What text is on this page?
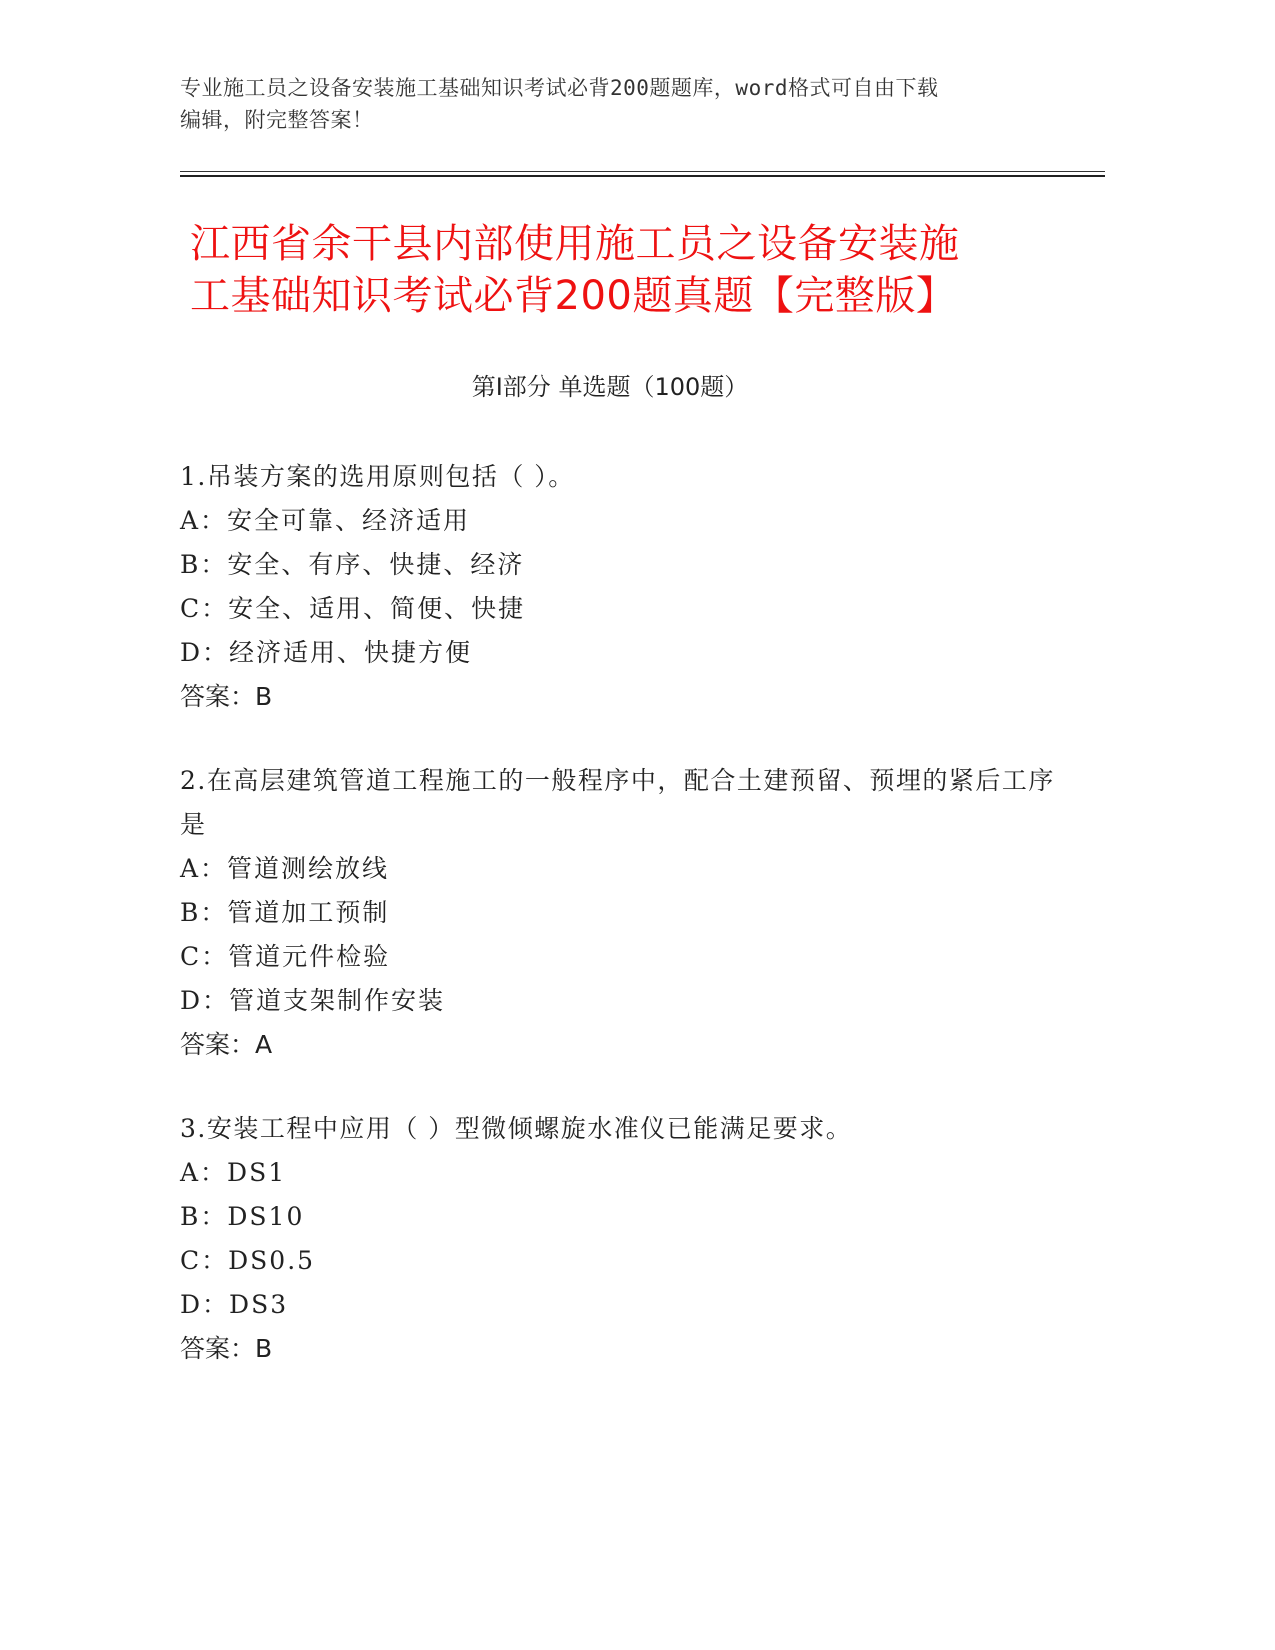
专业施工员之设备安装施工基础知识考试必背200题题库，word格式可自由下载
编辑，附完整答案！
江西省余干县内部使用施工员之设备安装施
工基础知识考试必背200题真题【完整版】
第Ⅰ部分 单选题（100题）
1.吊装方案的选用原则包括（ ）。
A：安全可靠、经济适用
B：安全、有序、快捷、经济
C：安全、适用、简便、快捷
D：经济适用、快捷方便
答案：B
2.在高层建筑管道工程施工的一般程序中，配合土建预留、预埋的紧后工序是
A：管道测绘放线
B：管道加工预制
C：管道元件检验
D：管道支架制作安装
答案：A
3.安装工程中应用（ ）型微倾螺旋水准仪已能满足要求。
A：DS1
B：DS10
C：DS0.5
D：DS3
答案：B
